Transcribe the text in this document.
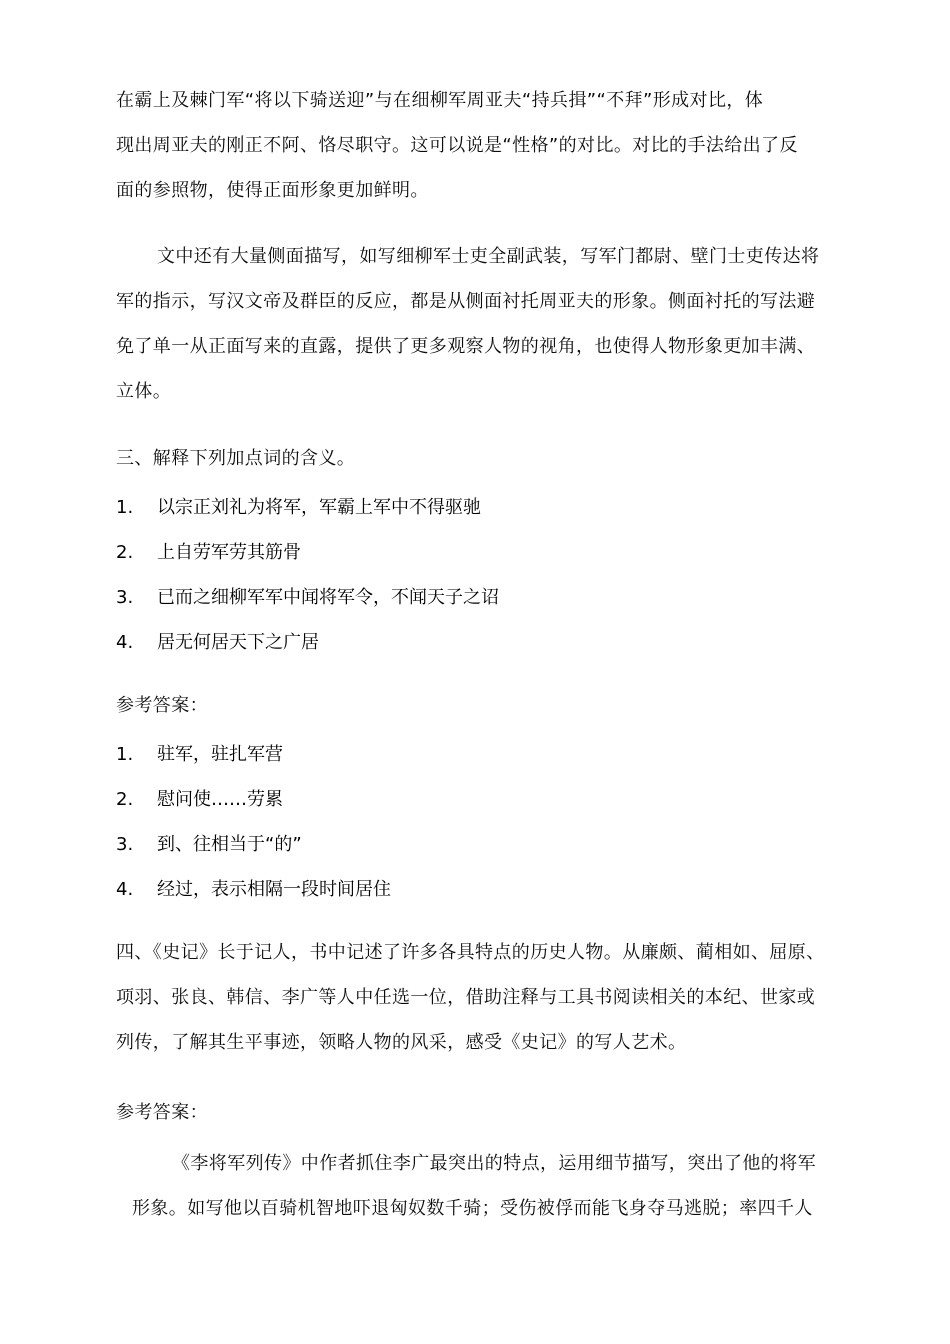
在霸上及棘门军“将以下骑送迎”与在细柳军周亚夫“持兵揖”“不拜”形成对比，体
现出周亚夫的刚正不阿、恪尽职守。这可以说是“性格”的对比。对比的手法给出了反
面的参照物，使得正面形象更加鲜明。
文中还有大量侧面描写，如写细柳军士吏全副武装，写军门都尉、壁门士吏传达将
军的指示，写汉文帝及群臣的反应，都是从侧面衬托周亚夫的形象。侧面衬托的写法避
免了单一从正面写来的直露，提供了更多观察人物的视角，也使得人物形象更加丰满、
立体。
三、解释下列加点词的含义。
1. 以宗正刘礼为将军，军霸上军中不得驱驰
2. 上自劳军劳其筋骨
3. 已而之细柳军军中闻将军令，不闻天子之诏
4. 居无何居天下之广居
参考答案：
1. 驻军，驻扎军营
2. 慰问使……劳累
3. 到、往相当于“的”
4. 经过，表示相隔一段时间居住
四、《史记》长于记人，书中记述了许多各具特点的历史人物。从廉颇、蔺相如、屈原、
项羽、张良、韩信、李广等人中任选一位，借助注释与工具书阅读相关的本纪、世家或
列传，了解其生平事迹，领略人物的风采，感受《史记》的写人艺术。
参考答案：
《李将军列传》中作者抓住李广最突出的特点，运用细节描写，突出了他的将军
形象。如写他以百骑机智地吓退匈奴数千骑；受伤被俘而能飞身夺马逃脱；率四千人
